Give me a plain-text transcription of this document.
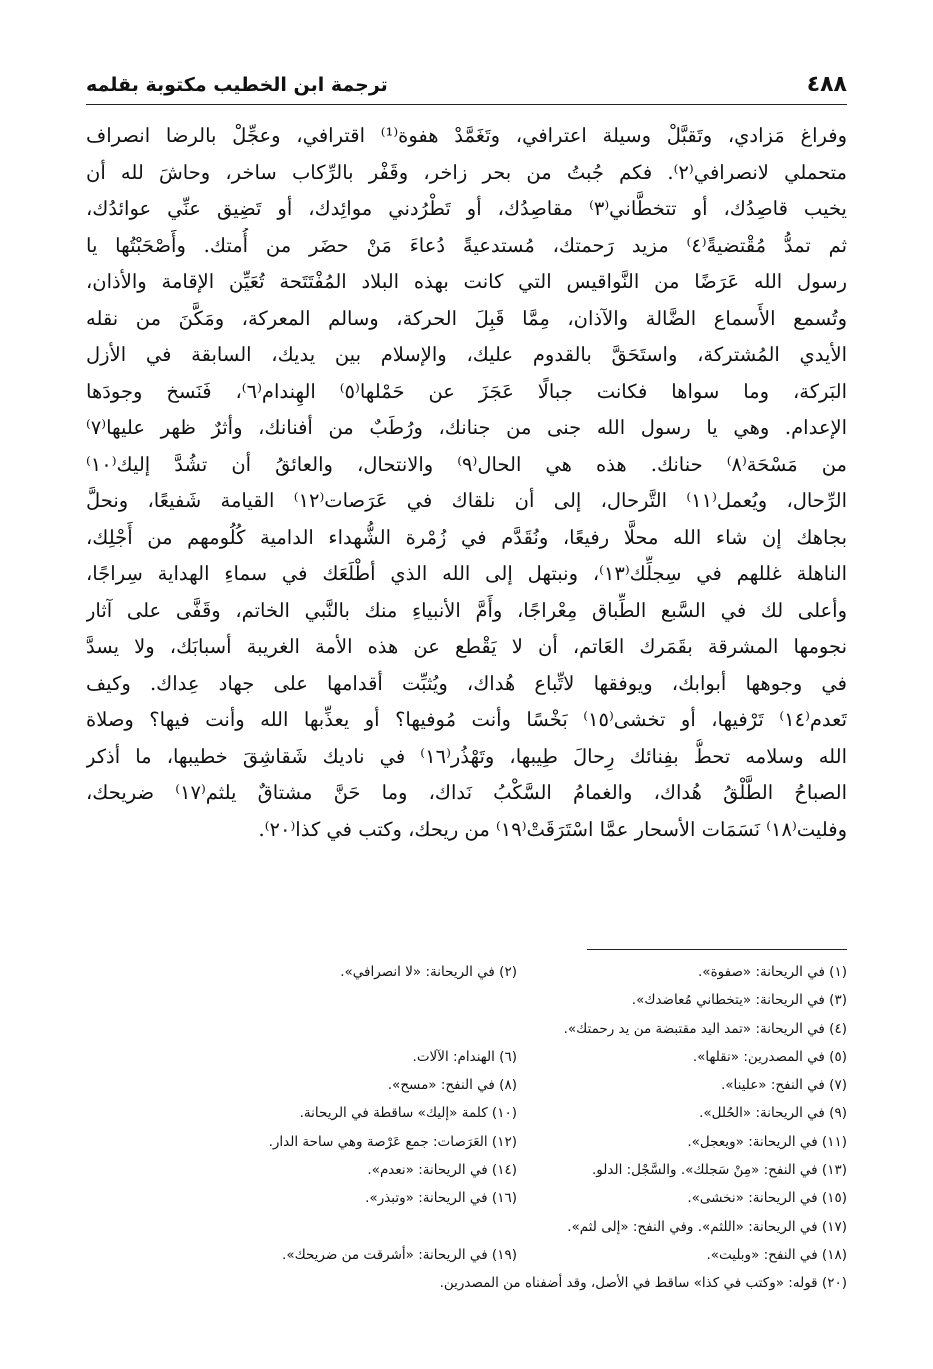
٤٨٨
ترجمة ابن الخطيب مكتوبة بقلمه
وفراغ مَزادي، وتَقبَّلْ وسيلة اعترافي، وتَغَمَّدْ هفوة⁽¹⁾ اقترافي، وعجِّلْ بالرضا انصراف
متحملي لانصرافي⁽٢⁾. فكم جُبتُ من بحر زاخر، وقَفْر بالرِّكاب ساخر، وحاشَ لله أن
يخيب قاصِدُك، أو تتخطَّاني⁽٣⁾ مقاصِدُك، أو تَطْرُدني موائِدك، أو تَضِيق عنِّي عوائدُك،
ثم تمدُّ مُقْتضيةً⁽٤⁾ مزيد رَحمتك، مُستدعيةً دُعاءَ مَنْ حضَر من أُمتك. وأَصْحَبْتُها يا
رسول الله عَرَضًا من النَّواقيس التي كانت بهذه البلاد المُفْتَتَحة تُعَيِّن الإقامة والأذان،
وتُسمع الأَسماع الضَّالة والآذان، مِمَّا قَبِلَ الحركة، وسالم المعركة، ومَكَّنَ من نقله
الأيدي المُشتركة، واستَحَقَّ بالقدوم عليك، والإسلام بين يديك، السابقة في الأزل
البَركة، وما سواها فكانت جبالًا عَجَزَ عن حَمْلها⁽٥⁾ الهِندام⁽٦⁾، فَنَسخ وجودَها
الإعدام. وهي يا رسول الله جنى من جنانك، ورُطَبٌ من أفنانك، وأثرٌ ظهر عليها⁽٧⁾
من مَسْحَة⁽٨⁾ حنانك. هذه هي الحال⁽٩⁾ والانتحال، والعائقُ أن تشُدَّ إليك⁽١٠⁾
الرِّحال، ويُعمل⁽١١⁾ التَّرحال، إلى أن نلقاك في عَرَصات⁽١٢⁾ القيامة شَفيعًا، ونحلَّ
بجاهك إن شاء الله محلًّا رفيعًا، ونُقَدَّم في زُمْرة الشُّهداء الدامية كُلُومهم من أَجْلِك،
الناهلة غللهم في سِجلِّك⁽١٣⁾، ونبتهل إلى الله الذي أطْلَعَك في سماءِ الهداية سِراجًا،
وأعلى لك في السَّبع الطِّباق مِعْراجًا، وأَمَّ الأنبياءِ منك بالنَّبي الخاتم، وقَفَّى على آثار
نجومها المشرقة بقَمَرك العَاتم، أن لا يَقْطع عن هذه الأمة الغريبة أسبابَك، ولا يسدَّ
في وجوهها أبوابك، ويوفقها لاتِّباع هُداك، ويُثبِّت أقدامها على جهاد عِداك. وكيف
تَعدم⁽١٤⁾ تَرْفيها، أو تخشى⁽١٥⁾ بَخْسًا وأنت مُوفيها؟ أو يعذِّبها الله وأنت فيها؟ وصلاة
الله وسلامه تحطُّ بفِنائك رِحالَ طِيبها، وتَهْذُر⁽١٦⁾ في ناديك شَقاشِقَ خطيبها، ما أذكر
الصباحُ الطَّلْقُ هُداك، والغمامُ السَّكْبُ نَداك، وما حَنَّ مشتاقٌ يلثم⁽١٧⁾ ضريحك،
وفليت⁽١٨⁾ نَسَمَات الأسحار عمَّا اسْتَرَقَتْ⁽١٩⁾ من ريحك، وكتب في كذا⁽٢٠⁾.
(١) في الريحانة: «صفوة».
(٢) في الريحانة: «لا انصرافي».
(٣) في الريحانة: «يتخطاني مُعاضدك».
(٤) في الريحانة: «تمد اليد مقتبضة من يد رحمتك».
(٥) في المصدرين: «نقلها».
(٦) الهندام: الآلات.
(٧) في النفح: «علينا».
(٨) في النفح: «مسح».
(٩) في الريحانة: «الحُلل».
(١٠) كلمة «إليك» ساقطة في الريحانة.
(١١) في الريحانة: «ويعجل».
(١٢) العَرَصات: جمع عَرْصة وهي ساحة الدار.
(١٣) في النفح: «مِنْ سَجلك». والسَّجْل: الدلو.
(١٤) في الريحانة: «نعدم».
(١٥) في الريحانة: «نخشى».
(١٦) في الريحانة: «وتبذر».
(١٧) في الريحانة: «اللثم». وفي النفح: «إلى لثم».
(١٨) في النفح: «وبليت».
(١٩) في الريحانة: «أشرقت من ضريحك».
(٢٠) قوله: «وكتب في كذا» ساقط في الأصل، وقد أضفناه من المصدرين.
